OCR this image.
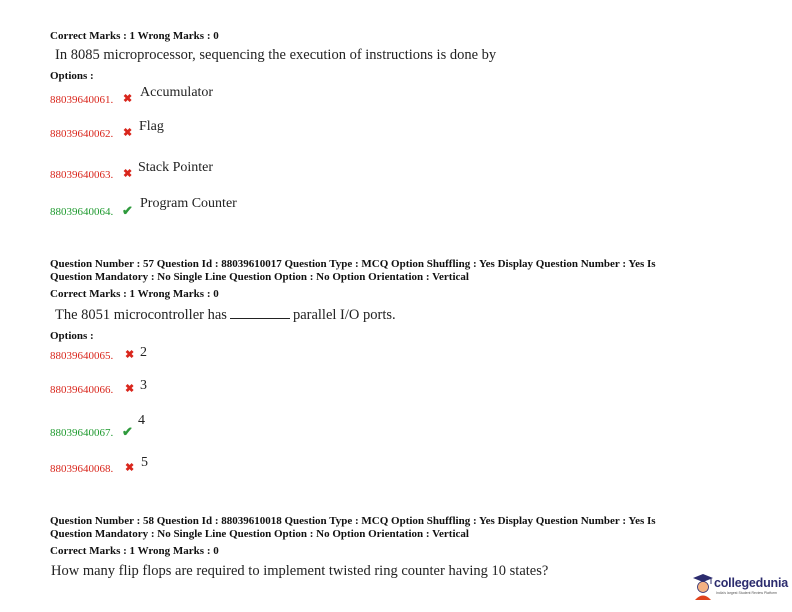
Correct Marks : 1 Wrong Marks : 0
In 8085 microprocessor, sequencing the execution of instructions is done by
Options :
88039640061. ✖ Accumulator
88039640062. ✖ Flag
88039640063. ✖ Stack Pointer
88039640064. ✔ Program Counter
Question Number : 57 Question Id : 88039610017 Question Type : MCQ Option Shuffling : Yes Display Question Number : Yes Is
Question Mandatory : No Single Line Question Option : No Option Orientation : Vertical
Correct Marks : 1 Wrong Marks : 0
The 8051 microcontroller has	parallel I/O ports.
Options :
88039640065. ✖ 2
88039640066. ✖ 3
88039640067. ✔
4
88039640068. ✖ 5
Question Number : 58 Question Id : 88039610018 Question Type : MCQ Option Shuffling : Yes Display Question Number : Yes Is
Question Mandatory : No Single Line Question Option : No Option Orientation : Vertical
Correct Marks : 1 Wrong Marks : 0
How many flip flops are required to implement twisted ring counter having 10 states?
collegedunia
India's largest Student Review Platform
